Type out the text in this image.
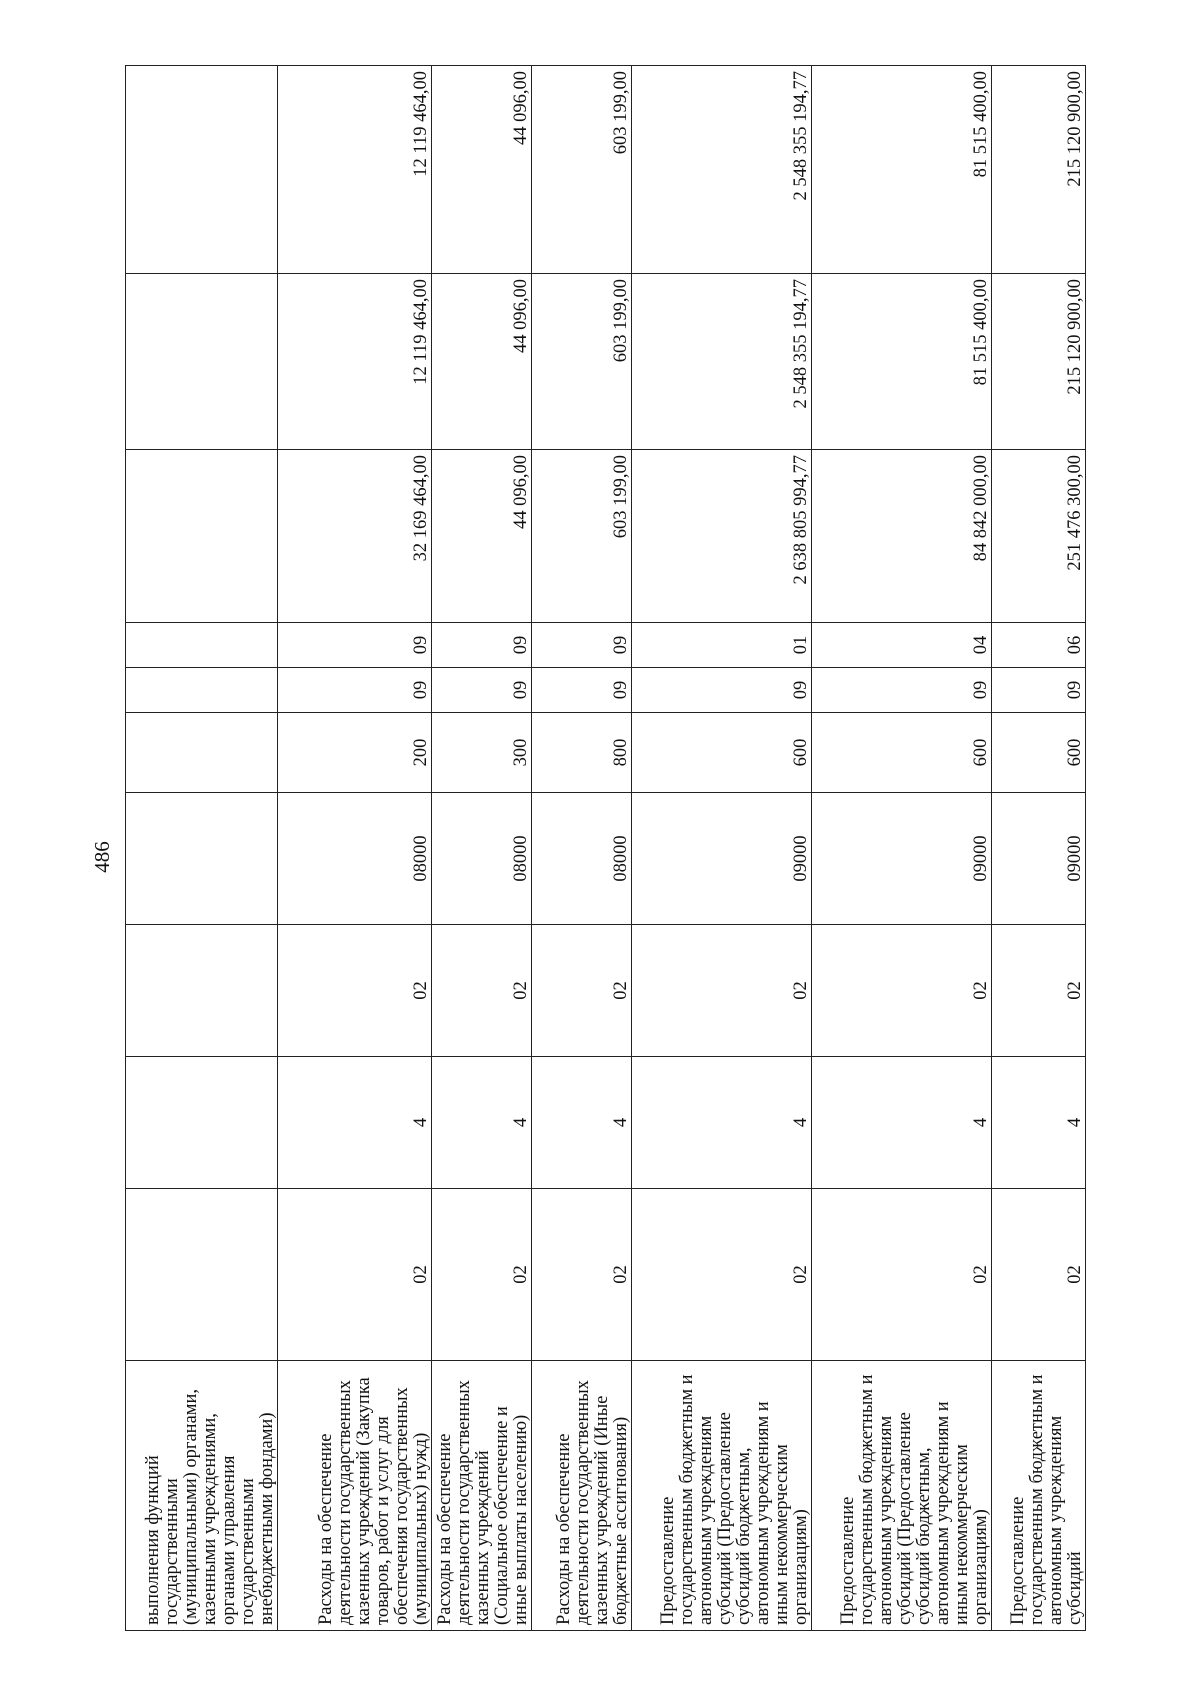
486
выполнения функций государственными (муниципальными) органами, казенными учреждениями, органами управления государственными внебюджетными фондами)										
Расходы на обеспечение деятельности государственных казенных учреждений (Закупка товаров, работ и услуг для обеспечения государственных (муниципальных) нужд)	02	4	02	08000	200	09	09	32 169 464,00	12 119 464,00	12 119 464,00
Расходы на обеспечение деятельности государственных казенных учреждений (Социальное обеспечение и иные выплаты населению)	02	4	02	08000	300	09	09	44 096,00	44 096,00	44 096,00
Расходы на обеспечение деятельности государственных казенных учреждений (Иные бюджетные ассигнования)	02	4	02	08000	800	09	09	603 199,00	603 199,00	603 199,00
Предоставление государственным бюджетным и автономным учреждениям субсидий (Предоставление субсидий бюджетным, автономным учреждениям и иным некоммерческим организациям)	02	4	02	09000	600	09	01	2 638 805 994,77	2 548 355 194,77	2 548 355 194,77
Предоставление государственным бюджетным и автономным учреждениям субсидий (Предоставление субсидий бюджетным, автономным учреждениям и иным некоммерческим организациям)	02	4	02	09000	600	09	04	84 842 000,00	81 515 400,00	81 515 400,00
Предоставление государственным бюджетным и автономным учреждениям субсидий	02	4	02	09000	600	09	06	251 476 300,00	215 120 900,00	215 120 900,00
